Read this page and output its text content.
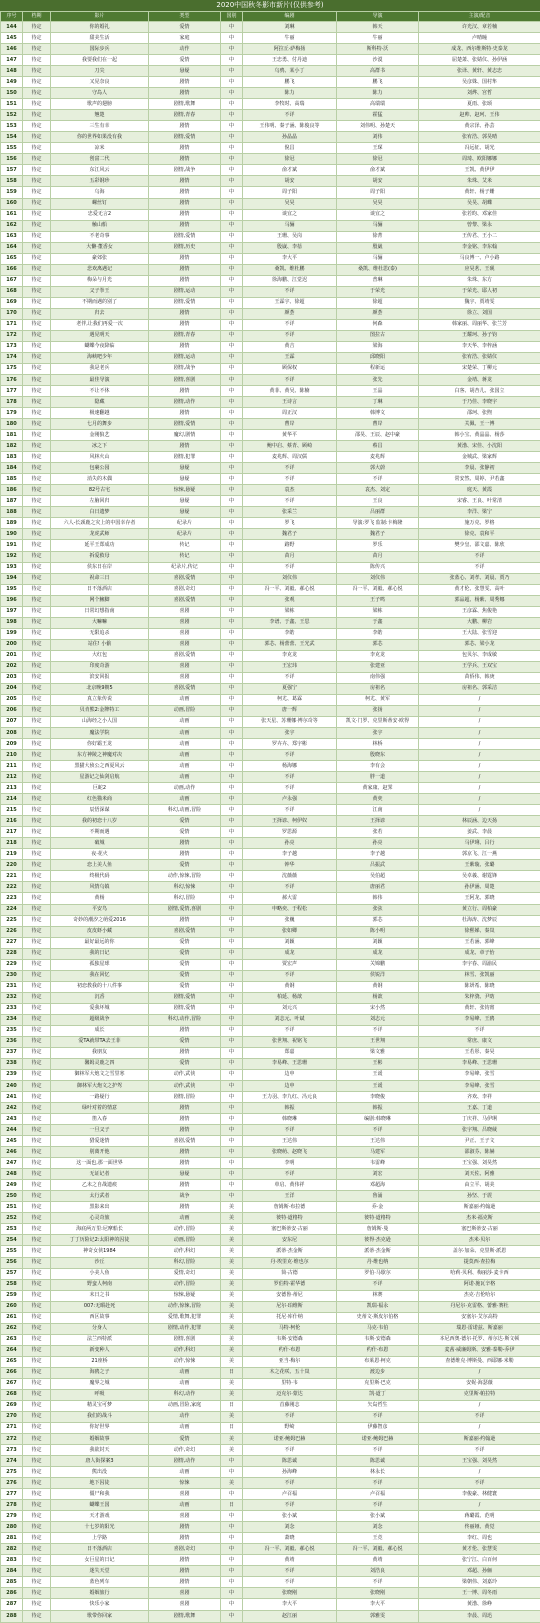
2020中国秋冬影市新片(仅供参考)
序号	档期	影片	类型	国别	编剧	导演	主演/配音
144	待定	你的婚礼	爱情	中	刘琳	韩天	许光汉、章若楠
145	待定	甜美生活	家庭	中	牛丽	牛丽	卢晴瞳
146	待定	国际步兵	动作	中	阿拉丘·萨梅扬	斯科特·沃	成龙、西尔维斯特·史泰龙
147	待定	我要我们在一起	爱情	中	王忠勇、付丹迪	沙漠	屈楚萧、张婧仪、孙伊涵
148	待定	刀尖	悬疑	中	乌鸦、某小丁	高群书	张译、黄轩、黄志忠
149	待定	又见奈良	剧情	中	鹏飞	鹏飞	吴彦姝、国村隼
150	待定	守岛人	剧情	中	陈力	陈力	刘烨、宫哲
151	待定	歌声的翅膀	剧情,歌舞	中	李牧时、高瑞	高瑞瑞	夏雨、张颂
152	待定	翘楚	剧情,青春	中	不详	霍猛	赵帅、赵珂、王伟
153	待定	三生有幸	剧情	中	王伟明、秦子涵、陈俊良等	刘伟明、孙楚天	黄宗泽、孙芸
154	待定	你的世界如果没有我	剧情,爱情	中	孙晶晶	刘伟	张宥浩、郭昊晴
155	待定	凉米	剧情	中	倪昌	王琛	冯远征、胡光
156	待定	创富二代	剧情	中	徐冠	徐冠	周琦、欧阳娜娜
157	待定	东江风云	剧情,战争	中	俞才斌	俞才斌	王凯、黄伊伊
158	待定	五彩钢珍	剧情	中	胡安	胡安	朱珠、艾米
159	待定	乌海	剧情	中	周子阳	周子阳	黄轩、杨子姗
160	待定	螺丝钉	剧情	中	吴昊	吴昊	吴昊、胡蝶
161	待定	忠爱无言2	剧情	中	谈宜之	谈宜之	张若昀、邓家佳
162	待定	触山船	剧情	中	马骊	马骊	曾黎、梁永
163	待定	不老奇事	剧情,爱情	中	王珊、吴岗	徐菁	王传君、王小二
164	待定	大懒·董香女	剧情,历史	中	殷崴、李蓓	殷崴	李金铭、李东翰
165	待定	豪郊张	剧情	中	李大平	马骊	马良博一、卢小路
166	待定	悲欢离遇记	剧情	中	桑凯、维杜鹏	桑凯、维杜思(泰)	应昊茗、王砚
167	待定	梅朵与月光	剧情	中	徐海鹏、江觉迟	普琳	朱珠、东方
168	待定	父子拳王	剧情,运动	中	不详	于荣光	于荣光、耶人初
169	待定	不期而遇的别了	剧情,爱情	中	王霖宇、徐超	徐超	魏宇、贾靖雯
170	待定	归去	剧情	中	颜荟	颜荟	徐立、刘国
171	待定	老伴,让我们再爱一次	剧情	中	不详	何森	韩家丽、周丽华、张兰芳
172	待定	遇见明天	剧情,青春	中	不详	图拉古	王耀珂、孙子钧
173	待定	蝴蝶今夜降临	剧情	中	黄吉	梁海	李天华、李梓涵
174	待定	海峡吧少年	剧情,运动	中	王霖	邱晓阳	张宥浩、张婧仪
175	待定	我是老兵	剧情,战争	中	顾保权	程新运	宋楚荣、丁柳元
176	待定	最佳导演	剧情,喜剧	中	不详	张先	金靖、蒋龙
177	待定	不让不休	剧情	中	黄菲、黄吴、陈楠	王晶	白客、胡杏儿、张国立
178	待定	隐藏	剧情,动作	中	王诗言	丁琳	于乃佳、李晓宇
179	待定	极速翻越	剧情	中	周正汉	韩博文	邵珂、张煦
180	待定	七月的舞步	剧情,爱情	中	曹岸	曹岸	关佩、王一博
181	待定	金刚狼艺	魔幻,剧情	中	黄华平	邵昊、王辰、赵中豪	韩小宝、黄晶晶、杨莎
182	待定	冰之下	剧情	中	鲍中启、蔡青、顾崎	蔡昌	黄渤、宋佳、小沈阳
183	待定	风林火山	剧情,犯罪	中	麦兆辉、周汉儒	麦兆辉	金城武、梁家辉
184	待定	包裹公园	悬疑	中	不详	郭大蔚	李晨、张静初
185	待定	消失的木偶	悬疑	中	不详	不详	常安然、周婷、尹若鑫
186	待定	82号古宅	惊悚,悬疑	中	袁杰	袁杰、刘定	庭天、黄霞
187	待定	左脑回归	悬疑	中	不详	王良	宋睿、王良、叶常清
188	待定	白日遗梦	悬疑	中	张采兰	吕丽群	李洋、梁宁
189	待定	六人-长颈鹿之灾上的中国幸存者	纪录片	中	罗飞	导演:罗飞 监制:卡梅隆	施万克、罗格
190	待定	龙虎武师	纪录片	中	魏君子	魏君子	徐克、袁和平
191	待定	延平王郑成功	传记	中	路野	罗乐	樊少皇、邵文嘉、陈欣
192	待定	拆爱救母	传记	中	苗月	苗月	不详
193	待定	侯东日在岸	纪录片,传记	中	不详	陈传兴	不详
194	待定	祝命三日	喜剧,爱情	中	刘仪伟	刘仪伟	张蓝心、刘孝、刘晨、贾乃
195	待定	日不落酒店	喜剧,奇幻	中	冯一平、刘毅、郝心悦	冯一平、刘毅、郝心悦	黄才伦、张慧雯、高叶
196	待定	网个臃脚	喜剧,爱情	中	张观	王子鸣	郭品超、杨紫、周秀娜
197	待定	日常幻想指南	喜剧	中	梁栋	梁栋	王彦霖、焦俊艳
198	待定	大嘛嘛	喜剧	中	李谱、于鑫、王思	于鑫	大鹏、柳岩
199	待定	无限追杀	喜剧	中	李皓	李皓	王大陆、张雪迎
200	待定	站住! 小偷	喜剧	中	郭芯、杨蕾蕾、王光武	郭芯	郭芯、梁小龙
201	待定	大红包	喜剧,爱情	中	李克龙	李克龙	包贝尔、李成敏
202	待定	印度奇游	喜剧	中	王宏玮	张建亚	王学兵、王双宝
203	待定	滨安回报	喜剧	中	不详	南伟强	苗侨伟、韩庚
204	待定	北京晚9朝5	喜剧,爱情	中	夏强宁	房祖名	房祖名、郭采洁
205	待定	真立象传说	动画	中	柯尤、葛霖	柯尤、黄军	/
206	待定	贝肯熊2:金牌特工	动画,冒险	中	唐一辉	张扬	/
207	待定	山海经之小人国	动画	中	张天星、苏珊娜·博尔奇等	凯文·门罗、克里斯蒂安·欧得	/
208	待定	魔法学院	动画	中	张宇	张宇	/
209	待定	你好霸王龙	动画	中	罗卉卉、郑宇彬	林桥	/
210	待定	东方神陵之神魔对决	动画	中	不详	殷晓东	/
211	待定	黑猫大侦公之西夏风云	动画	中	杨海娜	李有会	/
212	待定	星游记之仙剑启航	动画	中	不详	胖一道	/
213	待定	巨蛇2	动画,动作	中	不详	黄家康、赵霁	/
214	待定	红色猫米商	动画	中	卢永强	黄奕	/
215	待定	辰悟深谋	科幻,动画,冒险	中	不详	江南	/
216	待定	我的初恋十八岁	爱情	中	王择谚、柯伊奴	王择谚	林辰涵、边天扬
217	待定	不期而遇	爱情	中	罗思源	张若	姜武、李晨
218	待定	破城	剧情	中	孙亮	孙亮	马伊琍、吕行
219	待定	夜·花火	剧情	中	李子越	李子越	郭京飞、江一燕
220	待定	恋上美人鱼	爱情	中	钟华	吕振武	王紫璇、张璐
221	待定	终极代码	动作,惊悚,冒险	中	沈薇薇	吴伯超	吴卓羲、谢霆锋
222	待定	风情乌镇	科幻,惊悚	中	不详	唐丽君	孙伊涵、周楚
223	待定	黄杨	科幻,冒险	中	郝大雷	韩伟	王阿龙、郭晓
224	待定	平安鸟	剧情,爱情,喜剧	中	申略奕、于程松	张弦	黄立行、周柏豪
225	待定	奇妙的潮汐之萌爱2016	剧情	中	张巍	郭芯	杜海涛、沈梦辰
226	待定	皮皮虾小藏	喜剧,爱情	中	张如卿	陈小明	徐熙娣、秦岚
227	待定	最好最远的你	爱情	中	刘颖	刘颖	王若涵、郭峰
228	待定	我的日记	爱情	中	成龙	成龙	成龙、章子怡
229	待定	孤独星球	爱情	中	贾宏声	关锦鹏	李宇春、周渝民
230	待定	我在回忆	爱情	中	不详	侯锐洋	林雪、张凯丽
231	待定	初恋教我的十八件事	爱情	中	黄钢	黄钢	陈妍希、陈晓
232	待定	沉香	剧情,爱情	中	柏延、杨歆	杨歆	朱梓骁、尹昉
233	待定	爱我坏城	剧情,爱情	中	刘元兴	宋小然	黄轩、张钧甯
234	待定	超级战争	科幻,动作,冒险	中	刘志元、叶斌	刘志元	李易峰、王鸥
235	待定	成长	剧情	中	不详	不详	不详
236	待定	爱TA就带TA去王菲	爱情	中	张世翔、祝铭飞	王世翔	常庶、康文
237	待定	我朋友	剧情	中	郑嘉	梁文雅	王若彤、秦昊
238	待定	馨姆灵鹿之四	爱情	中	李易峰、王思珊	王彬	李易峰、王思珊
239	待定	御林军大炮文之雪里寒	动作,武侠	中	边申	王谖	李易峰、张雪
240	待定	御林军大炮文之护驾	动作,武侠	中	边申	王谖	李易峰、张雪
241	待定	一路疑行	剧情,冒险	中	王力羽、李九红、冯元良	李晓俊	齐欢、李祥
242	待定	绿叶对着的情意	剧情	中	韩振	韩振	王嘉、丁道
243	待定	笛入春	剧情	中	韩晓琳	编剧:韩晓琳	丁庆祥、马伊琍
244	待定	一旦父子	剧情	中	不详	不详	张宇翔、吕晓葳
245	待定	猎爱迷情	喜剧,爱情	中	王达伟	王达伟	尹正、王子文
246	待定	别离开他	剧情	中	张晓萌、赵晓飞	马建军	邵淑芬、陈赫
247	待定	这一面也,那一面世界	剧情	中	李明	韦雷峰	王宝强、刘昊然
248	待定	无证记者	悬疑	中	不详	刘宏	刘天佐、阿雅
249	待定	乙未之自战遗痕	剧情	中	单启、黄伟祥	邓超海	由立平、胡美
250	待定	太行武者	战争	中	王洋	鲁涌	孙坚、于震
251	待定	黑影来出	剧情	美	詹姆斯·布拉德	乔·金	斯嘉丽·约翰逊
252	待定	心灵奇旅	动画	美	彼特·道格特	彼特·道格特	杰米·福克斯
253	待定	海底两万里:尼摩船长	动作,冒险	美	塞巴斯蒂安·古丽	詹姆斯·曼	塞巴斯蒂安·古丽
254	待定	丁丁历险记2:太阳神的囚徒	动画,冒险	美	安东尼	彼得·杰克逊	杰米·贝尔
255	待定	神奇女侠1984	动作,科幻	美	派蒂·杰金斯	派蒂·杰金斯	盖尔·加朵、克里斯·派恩
256	待定	沙丘	科幻,冒险	美	丹·埃里克·维也尔	丹·维也纳	提莫西·查拉梅
257	待定	小美人鱼	爱情,奇幻	美	简·古德	罗伯·马歇尔	哈莉·贝利、梅丽莎·麦卡西
258	待定	野蛮人柯南	动作,冒险	美	罗伯特·霍华德	不详	阿诺·施瓦辛格
259	待定	末日之书	惊悚,悬疑	美	安德鲁·蒂尼	林赛	杰克·吉伦哈尔
260	待定	007:无暇赴死	动作,惊悚,冒险	美	尼尔·珀维斯	凯瑞·福永	丹尼尔·克雷格、蕾雅·赛杜
261	待定	西区故事	爱情,歌舞,犯罪	美	托尼·库什纳	史蒂文·斯皮尔伯格	安塞尔·艾尔高特
262	待定	分身人	剧情,动作,犯罪	美	马特·柯伦	马克·韦伯	瑞恩·雷诺兹、斯嘉丽
263	待定	法兰西特派	剧情,喜剧	美	韦斯·安德森	韦斯·安德森	本尼西奥·德尔·托罗、蒂尔达·斯文顿
264	待定	新变种人	动作,科幻	美	约什·布恩	约什·布恩	麦茜·威廉姆斯、安雅·泰勒-乔伊
265	待定	21座桥	动作,惊悚	美	亚当·梅尔	布莱恩·柯克	查德维克·博斯曼、西耶娜·米勒
266	待定	海鸥之子	动画	日	木之花咲、五十岚	渡边步	/
267	待定	魔界之城	动画	美	里特·韦	克里斯·巴克	安妮·海瑟薇
268	待定	呼吸	科幻,动作	美	迈克尔·蒙达	凯·道丁	克里斯·帕拉特
269	待定	精灵宝可梦	动画,冒险,家庭	日	首藤刚志	矢岛哲生	/
270	待定	我们的战斗	动作	美	不详	不详	不详
271	待定	你好世界	动画	日	野崎	伊藤智彦	/
272	待定	婚姻故事	爱情	美	诺亚·鲍姆巴赫	诺亚·鲍姆巴赫	斯嘉丽·约翰逊
273	待定	我欲封天	动作,奇幻	美	不详	不详	不详
274	待定	唐人街探案3	剧情,动作	中	陈思诚	陈思诚	王宝强、刘昊然
275	待定	熊出没	动画	中	孙海峰	林永长	/
276	待定	地下囚徒	惊悚	美	不详	不详	不详
277	待定	僵尸和我	喜剧	中	卢召福	卢召福	李俊豪、林健寰
278	待定	蝴蝶王国	动画	日	不详	不详	/
279	待定	天才游戏	喜剧	中	张小斌	张小斌	蒋璐霞、范明
280	待定	十七岁的阳光	剧情	中	刘念	刘念	佟丽娅、黄觉
281	待定	上学路	剧情	中	萧晓	王竞	李红、周也
282	待定	日不落酒店	喜剧,奇幻	中	冯一平、刘毅、郝心悦	冯一平、刘毅、郝心悦	黄才伦、张慧雯
283	待定	女巨星的日记	剧情	中	黄靖	黄靖	张宁江、白百何
284	待定	迷失天堂	剧情	中	不详	刘浩良	邓超、孙俪
285	待定	蓝色列车	剧情	中	不详	不详	梁朝伟、刘嘉玲
286	待定	婚姻旅行	喜剧	中	张晓刚	张晓刚	王一博、周冬雨
287	待定	快乐小家	喜剧	中	李大平	李大平	黄渤、徐峥
288	待定	歌带你回家	剧情,歌舞	中	赵江丽	郭雅雯	李晨、周迅
